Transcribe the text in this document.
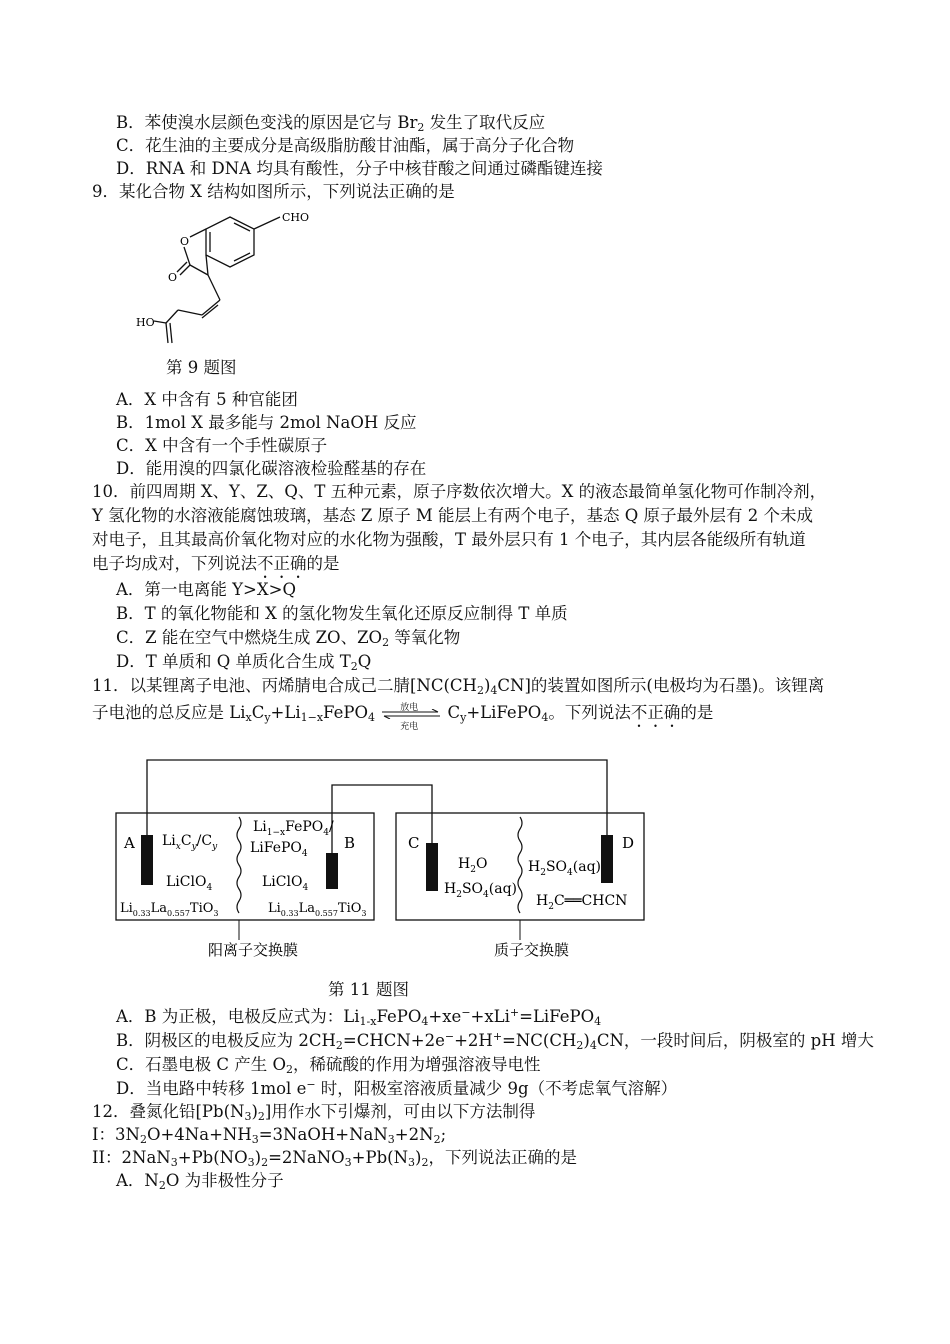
B．苯使溴水层颜色变浅的原因是它与 $Br_2$ 发生了取代反应
C．花生油的主要成分是高级脂肪酸甘油酯，属于高分子化合物
D．RNA 和 DNA 均具有酸性，分子中核苷酸之间通过磷酯键连接
9．某化合物 X 结构如图所示，下列说法正确的是
CHO
O
O
HO
第 9 题图
A．X 中含有 5 种官能团
B．1mol X 最多能与 2mol NaOH 反应
C．X 中含有一个手性碳原子
D．能用溴的四氯化碳溶液检验醛基的存在
10．前四周期 X、Y、Z、Q、T 五种元素，原子序数依次增大。X 的液态最简单氢化物可作制冷剂，
Y 氢化物的水溶液能腐蚀玻璃，基态 Z 原子 M 能层上有两个电子，基态 Q 原子最外层有 2 个未成
对电子，且其最高价氧化物对应的水化物为强酸，T 最外层只有 1 个电子，其内层各能级所有轨道
电子均成对，下列说法不正确的是
A．第一电离能 Y>X>Q
B．T 的氧化物能和 X 的氢化物发生氧化还原反应制得 T 单质
C．Z 能在空气中燃烧生成 ZO、$ZO_2$ 等氧化物
D．T 单质和 Q 单质化合生成 $T_2Q$
11．以某锂离子电池、丙烯腈电合成己二腈$[NC(CH_2)_4CN]$的装置如图所示(电极均为石墨)。该锂离
子电池的总反应是 $Li_xC_y+Li_{1-x}FePO_4$
放电
充电
$C_y+LiFePO_4$。下列说法不正确的是
A	B	C	D
$Li_xC_y/C_y$
$Li_{1-x}FePO_4/$
LiFePO$_4$
LiClO$_4$	LiClO$_4$
$Li_{0.33}La_{0.557}TiO_3$	$Li_{0.33}La_{0.557}TiO_3$
$H_2O$
$H_2SO_4(aq)$
$H_2SO_4(aq)$
$H_2C══CHCN$
阳离子交换膜	质子交换膜
第 11 题图
A．B 为正极，电极反应式为：$Li_{1-x}FePO_4+xe^-+xLi^+=LiFePO_4$
B．阴极区的电极反应为 $2CH_2=CHCN+2e^-+2H^+=NC(CH_2)_4CN$，一段时间后，阴极室的 pH 增大
C．石墨电极 C 产生 $O_2$，稀硫酸的作用为增强溶液导电性
D．当电路中转移 1mol e− 时，阳极室溶液质量减少 9g（不考虑氧气溶解）
12．叠氮化铅$[Pb(N_3)_2]$用作水下引爆剂，可由以下方法制得
I：$3N_2O+4Na+NH_3=3NaOH+NaN_3+2N_2$;
II：$2NaN_3+Pb(NO_3)_2=2NaNO_3+Pb(N_3)_2$，下列说法正确的是
A．$N_2O$ 为非极性分子
